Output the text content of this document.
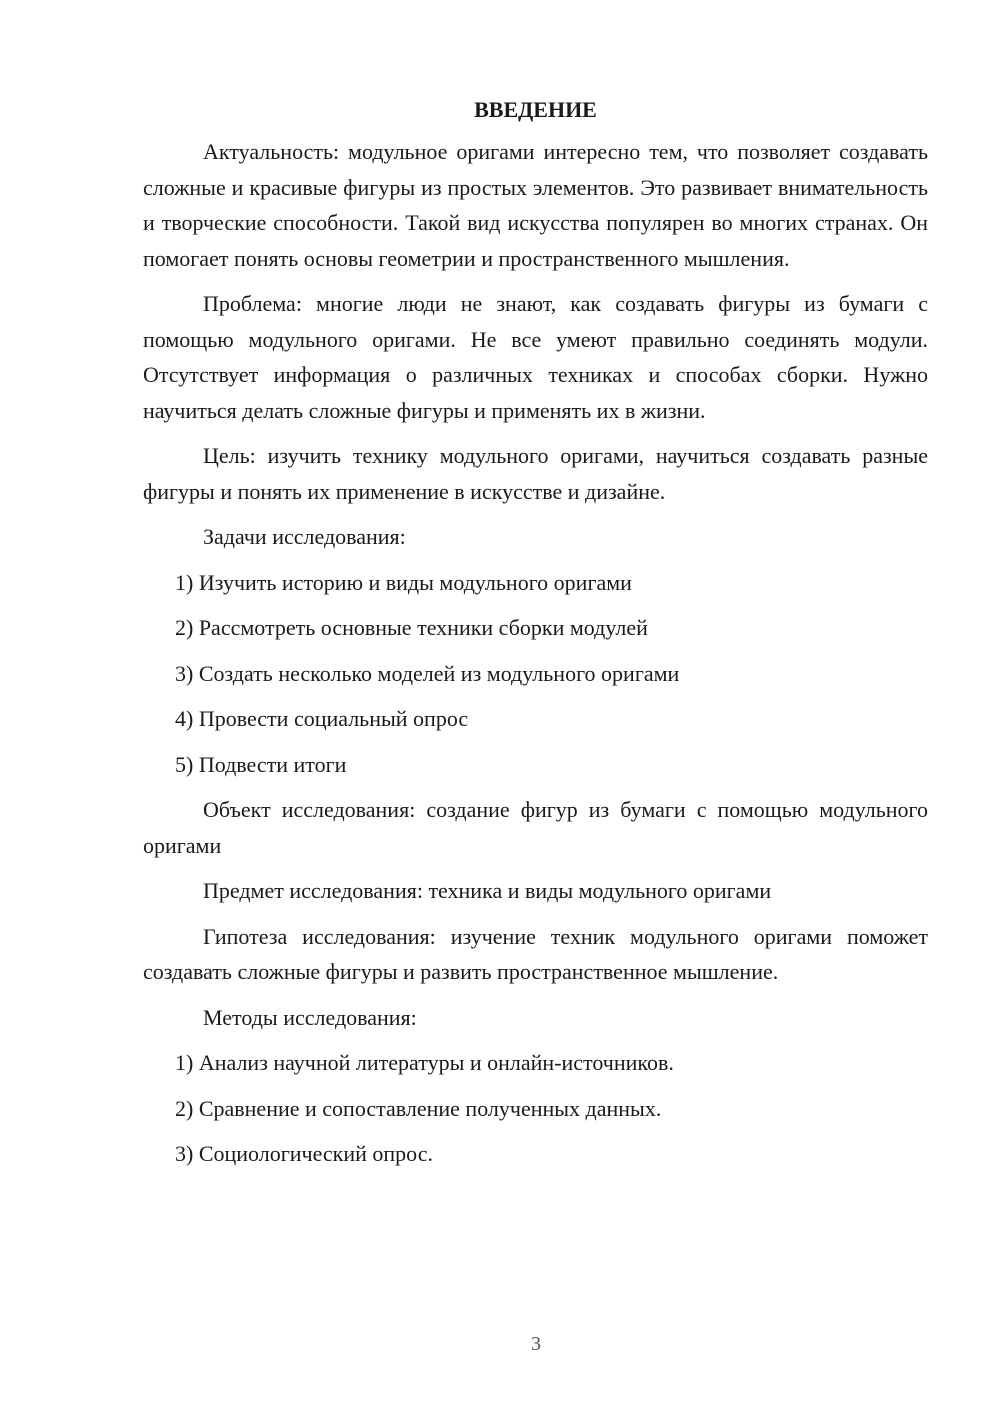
ВВЕДЕНИЕ

Актуальность: модульное оригами интересно тем, что позволяет создавать сложные и красивые фигуры из простых элементов. Это развивает внимательность и творческие способности. Такой вид искусства популярен во многих странах. Он помогает понять основы геометрии и пространственного мышления.

Проблема: многие люди не знают, как создавать фигуры из бумаги с помощью модульного оригами. Не все умеют правильно соединять модули. Отсутствует информация о различных техниках и способах сборки. Нужно научиться делать сложные фигуры и применять их в жизни.

Цель: изучить технику модульного оригами, научиться создавать разные фигуры и понять их применение в искусстве и дизайне.

Задачи исследования:

1) Изучить историю и виды модульного оригами
2) Рассмотреть основные техники сборки модулей
3) Создать несколько моделей из модульного оригами
4) Провести социальный опрос
5) Подвести итоги

Объект исследования: создание фигур из бумаги с помощью модульного оригами

Предмет исследования: техника и виды модульного оригами

Гипотеза исследования: изучение техник модульного оригами поможет создавать сложные фигуры и развить пространственное мышление.

Методы исследования:

1) Анализ научной литературы и онлайн-источников.
2) Сравнение и сопоставление полученных данных.
3) Социологический опрос.
3
